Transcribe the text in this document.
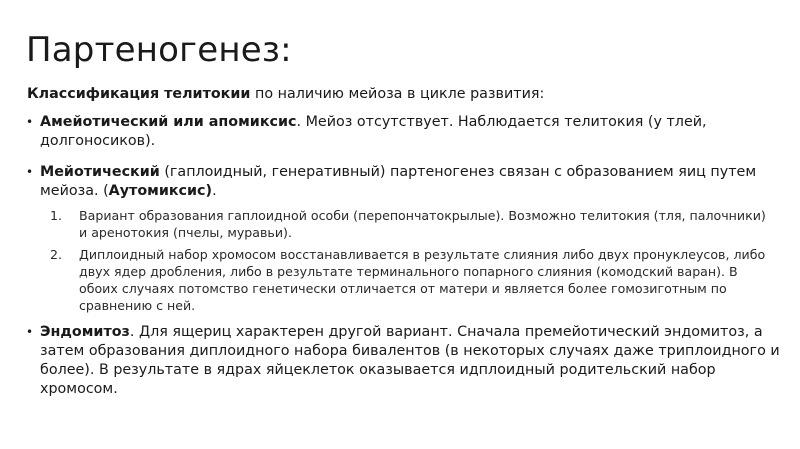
Партеногенез:
Классификация телитокии по наличию мейоза в цикле развития:
• Амейотический или апомиксис. Мейоз отсутствует. Наблюдается телитокия (у тлей, долгоносиков).
• Мейотический (гаплоидный, генеративный) партеногенез связан с образованием яиц путем мейоза. (Аутомиксис).
1. Вариант образования гаплоидной особи (перепончатокрылые). Возможно телитокия (тля, палочники) и аренотокия (пчелы, муравьи).
2. Диплоидный набор хромосом восстанавливается в результате слияния либо двух пронуклеусов, либо двух ядер дробления, либо в результате терминального попарного слияния (комодский варан). В обоих случаях потомство генетически отличается от матери и является более гомозиготным по сравнению с ней.
• Эндомитоз. Для ящериц характерен другой вариант. Сначала премейотический эндомитоз, а затем образования диплоидного набора бивалентов (в некоторых случаях даже триплоидного и более). В результате в ядрах яйцеклеток оказывается идплоидный родительский набор хромосом.
